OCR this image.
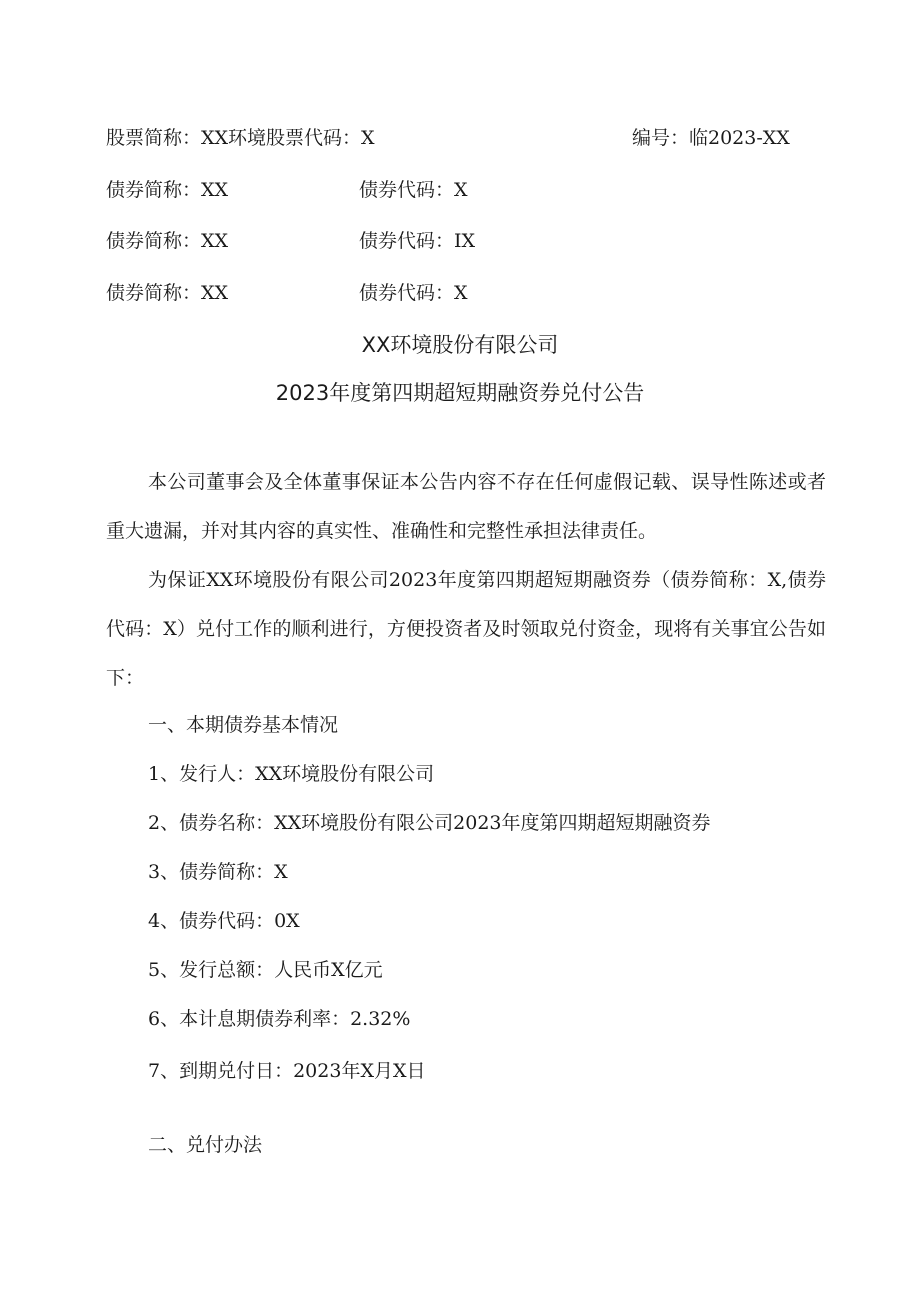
股票简称：XX环境股票代码：X	编号：临2023-XX
债券简称：XX	债券代码：X
债券简称：XX	债券代码：IX
债券简称：XX	债券代码：X
XX环境股份有限公司
2023年度第四期超短期融资券兑付公告
本公司董事会及全体董事保证本公告内容不存在任何虚假记载、误导性陈述或者重大遗漏，并对其内容的真实性、准确性和完整性承担法律责任。
为保证XX环境股份有限公司2023年度第四期超短期融资券（债券简称：X,债券代码：X）兑付工作的顺利进行，方便投资者及时领取兑付资金，现将有关事宜公告如下：
一、本期债券基本情况
1、发行人：XX环境股份有限公司
2、债券名称：XX环境股份有限公司2023年度第四期超短期融资券
3、债券简称：X
4、债券代码：0X
5、发行总额：人民币X亿元
6、本计息期债券利率：2.32%
7、到期兑付日：2023年X月X日
二、兑付办法
